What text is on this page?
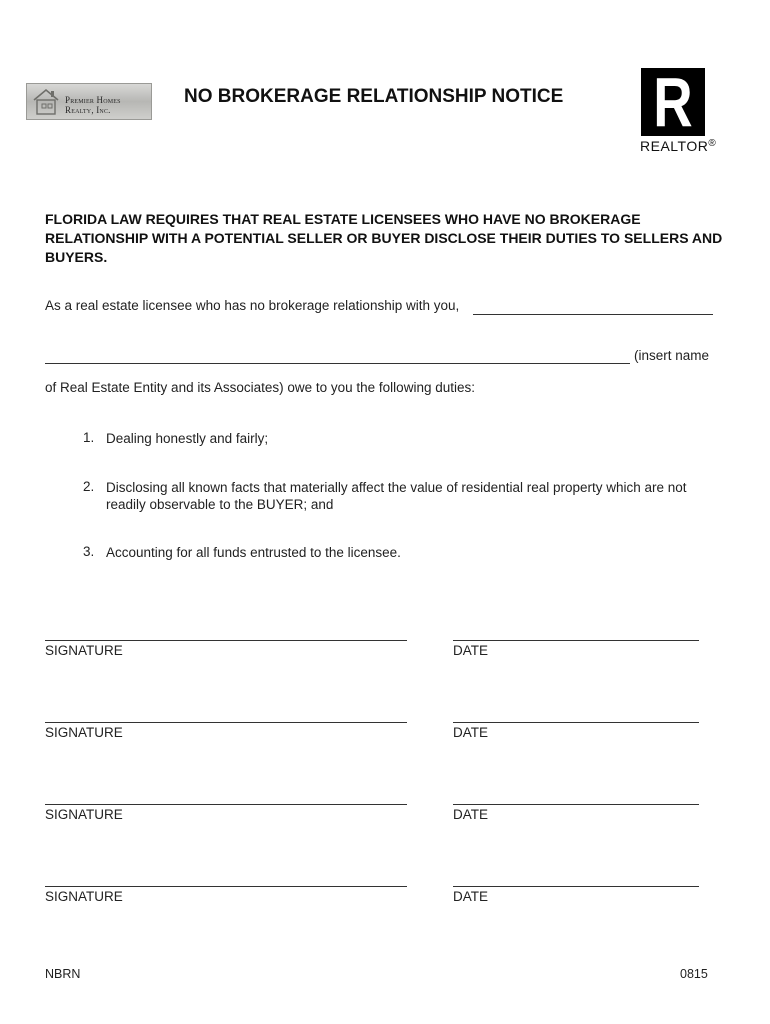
Premier Homes
Realty, Inc.
NO BROKERAGE RELATIONSHIP NOTICE R
REALTOR®
FLORIDA LAW REQUIRES THAT REAL ESTATE LICENSEES WHO HAVE NO BROKERAGE RELATIONSHIP WITH A POTENTIAL SELLER OR BUYER DISCLOSE THEIR DUTIES TO SELLERS AND BUYERS.
As a real estate licensee who has no brokerage relationship with you,
(insert name
of Real Estate Entity and its Associates) owe to you the following duties:
1. Dealing honestly and fairly;
2. Disclosing all known facts that materially affect the value of residential real property which are not readily observable to the BUYER; and
3. Accounting for all funds entrusted to the licensee.
SIGNATURE	DATE
SIGNATURE	DATE
SIGNATURE	DATE
SIGNATURE	DATE
NBRN	0815
